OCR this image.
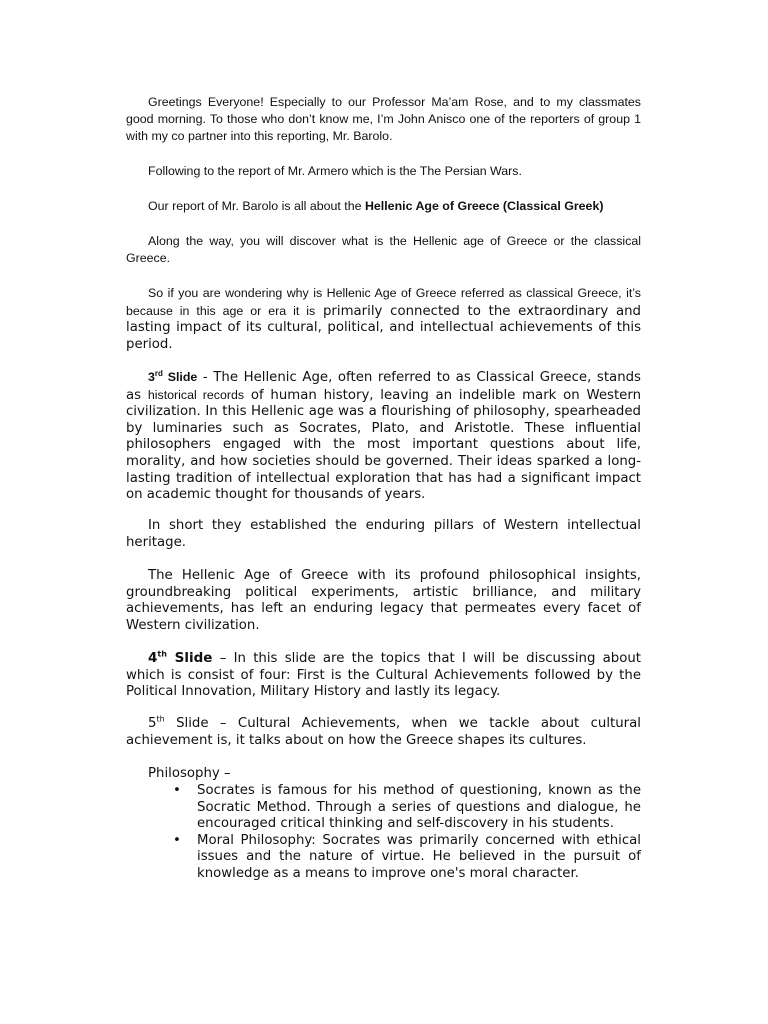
Greetings Everyone! Especially to our Professor Ma’am Rose, and to my classmates good morning. To those who don’t know me, I’m John Anisco one of the reporters of group 1 with my co partner into this reporting, Mr. Barolo.

Following to the report of Mr. Armero which is the The Persian Wars.

Our report of Mr. Barolo is all about the Hellenic Age of Greece (Classical Greek)

Along the way, you will discover what is the Hellenic age of Greece or the classical Greece.

So if you are wondering why is Hellenic Age of Greece referred as classical Greece, it’s because in this age or era it is primarily connected to the extraordinary and lasting impact of its cultural, political, and intellectual achievements of this period.

3rd Slide - The Hellenic Age, often referred to as Classical Greece, stands as historical records of human history, leaving an indelible mark on Western civilization. In this Hellenic age was a flourishing of philosophy, spearheaded by luminaries such as Socrates, Plato, and Aristotle. These influential philosophers engaged with the most important questions about life, morality, and how societies should be governed. Their ideas sparked a long-lasting tradition of intellectual exploration that has had a significant impact on academic thought for thousands of years.

In short they established the enduring pillars of Western intellectual heritage.

The Hellenic Age of Greece with its profound philosophical insights, groundbreaking political experiments, artistic brilliance, and military achievements, has left an enduring legacy that permeates every facet of Western civilization.

4th Slide – In this slide are the topics that I will be discussing about which is consist of four: First is the Cultural Achievements followed by the Political Innovation, Military History and lastly its legacy.

5th Slide – Cultural Achievements, when we tackle about cultural achievement is, it talks about on how the Greece shapes its cultures.

Philosophy –

• Socrates is famous for his method of questioning, known as the Socratic Method. Through a series of questions and dialogue, he encouraged critical thinking and self-discovery in his students.
• Moral Philosophy: Socrates was primarily concerned with ethical issues and the nature of virtue. He believed in the pursuit of knowledge as a means to improve one's moral character.
